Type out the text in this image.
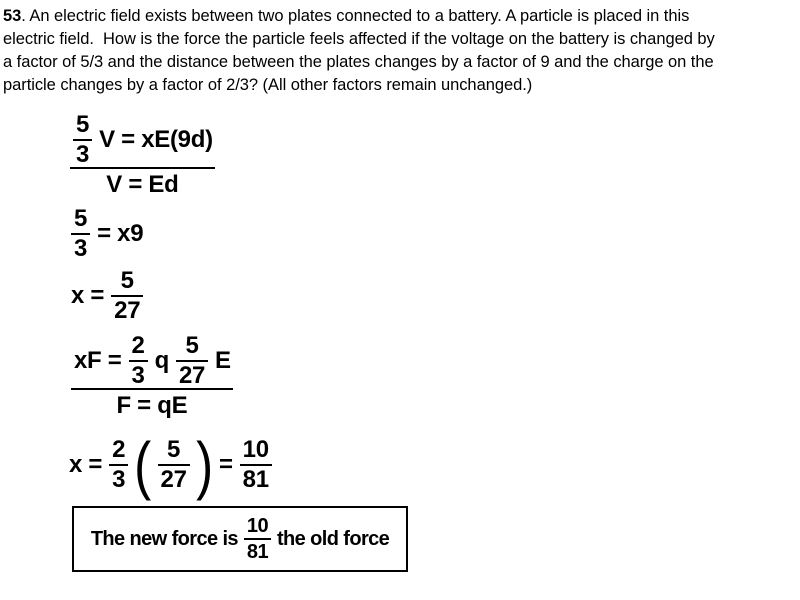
53. An electric field exists between two plates connected to a battery. A particle is placed in this
electric field.  How is the force the particle feels affected if the voltage on the battery is changed by
a factor of 5/3 and the distance between the plates changes by a factor of 9 and the charge on the
particle changes by a factor of 2/3? (All other factors remain unchanged.)
$\frac{5}{3}$ V = xE(9d)
V = Ed
$\frac{5}{3} = x9$
$x = \frac{5}{27}$
xF = $\frac{2}{3}$ q $\frac{5}{27}$ E
F = qE
$x = \frac{2}{3}$ ( $\frac{5}{27}$ ) = $\frac{10}{81}$
The new force is $\frac{10}{81}$ the old force
